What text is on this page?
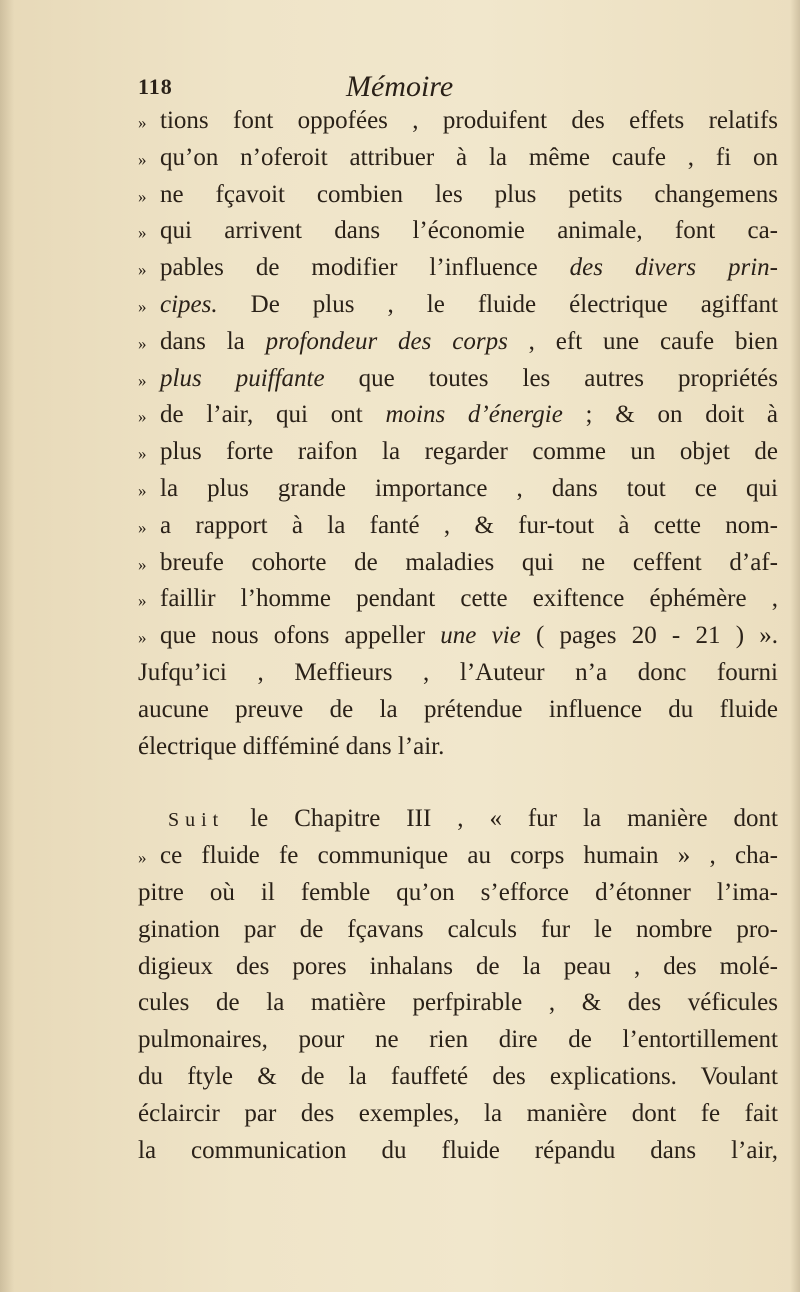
118	Mémoire
» tions font oppofées , produifent des effets relatifs
» qu’on n’oferoit attribuer à la même caufe , fi on
» ne fçavoit combien les plus petits changemens
» qui arrivent dans l’économie animale, font ca-
» pables de modifier l’influence des divers prin-
» cipes. De plus , le fluide électrique agiffant
» dans la profondeur des corps , eft une caufe bien
» plus puiffante que toutes les autres propriétés
» de l’air, qui ont moins d’énergie ; & on doit à
» plus forte raifon la regarder comme un objet de
» la plus grande importance , dans tout ce qui
» a rapport à la fanté , & fur-tout à cette nom-
» breufe cohorte de maladies qui ne ceffent d’af-
» faillir l’homme pendant cette exiftence éphémère ,
» que nous ofons appeller une vie ( pages 20 - 21 ) ».
Jufqu’ici , Meffieurs , l’Auteur n’a donc fourni
aucune preuve de la prétendue influence du fluide
électrique difféminé dans l’air.
Suit le Chapitre III , « fur la manière dont
» ce fluide fe communique au corps humain » , cha-
pitre où il femble qu’on s’efforce d’étonner l’ima-
gination par de fçavans calculs fur le nombre pro-
digieux des pores inhalans de la peau , des molé-
cules de la matière perfpirable , & des véficules
pulmonaires, pour ne rien dire de l’entortillement
du ftyle & de la fauffeté des explications. Voulant
éclaircir par des exemples, la manière dont fe fait
la communication du fluide répandu dans l’air,
